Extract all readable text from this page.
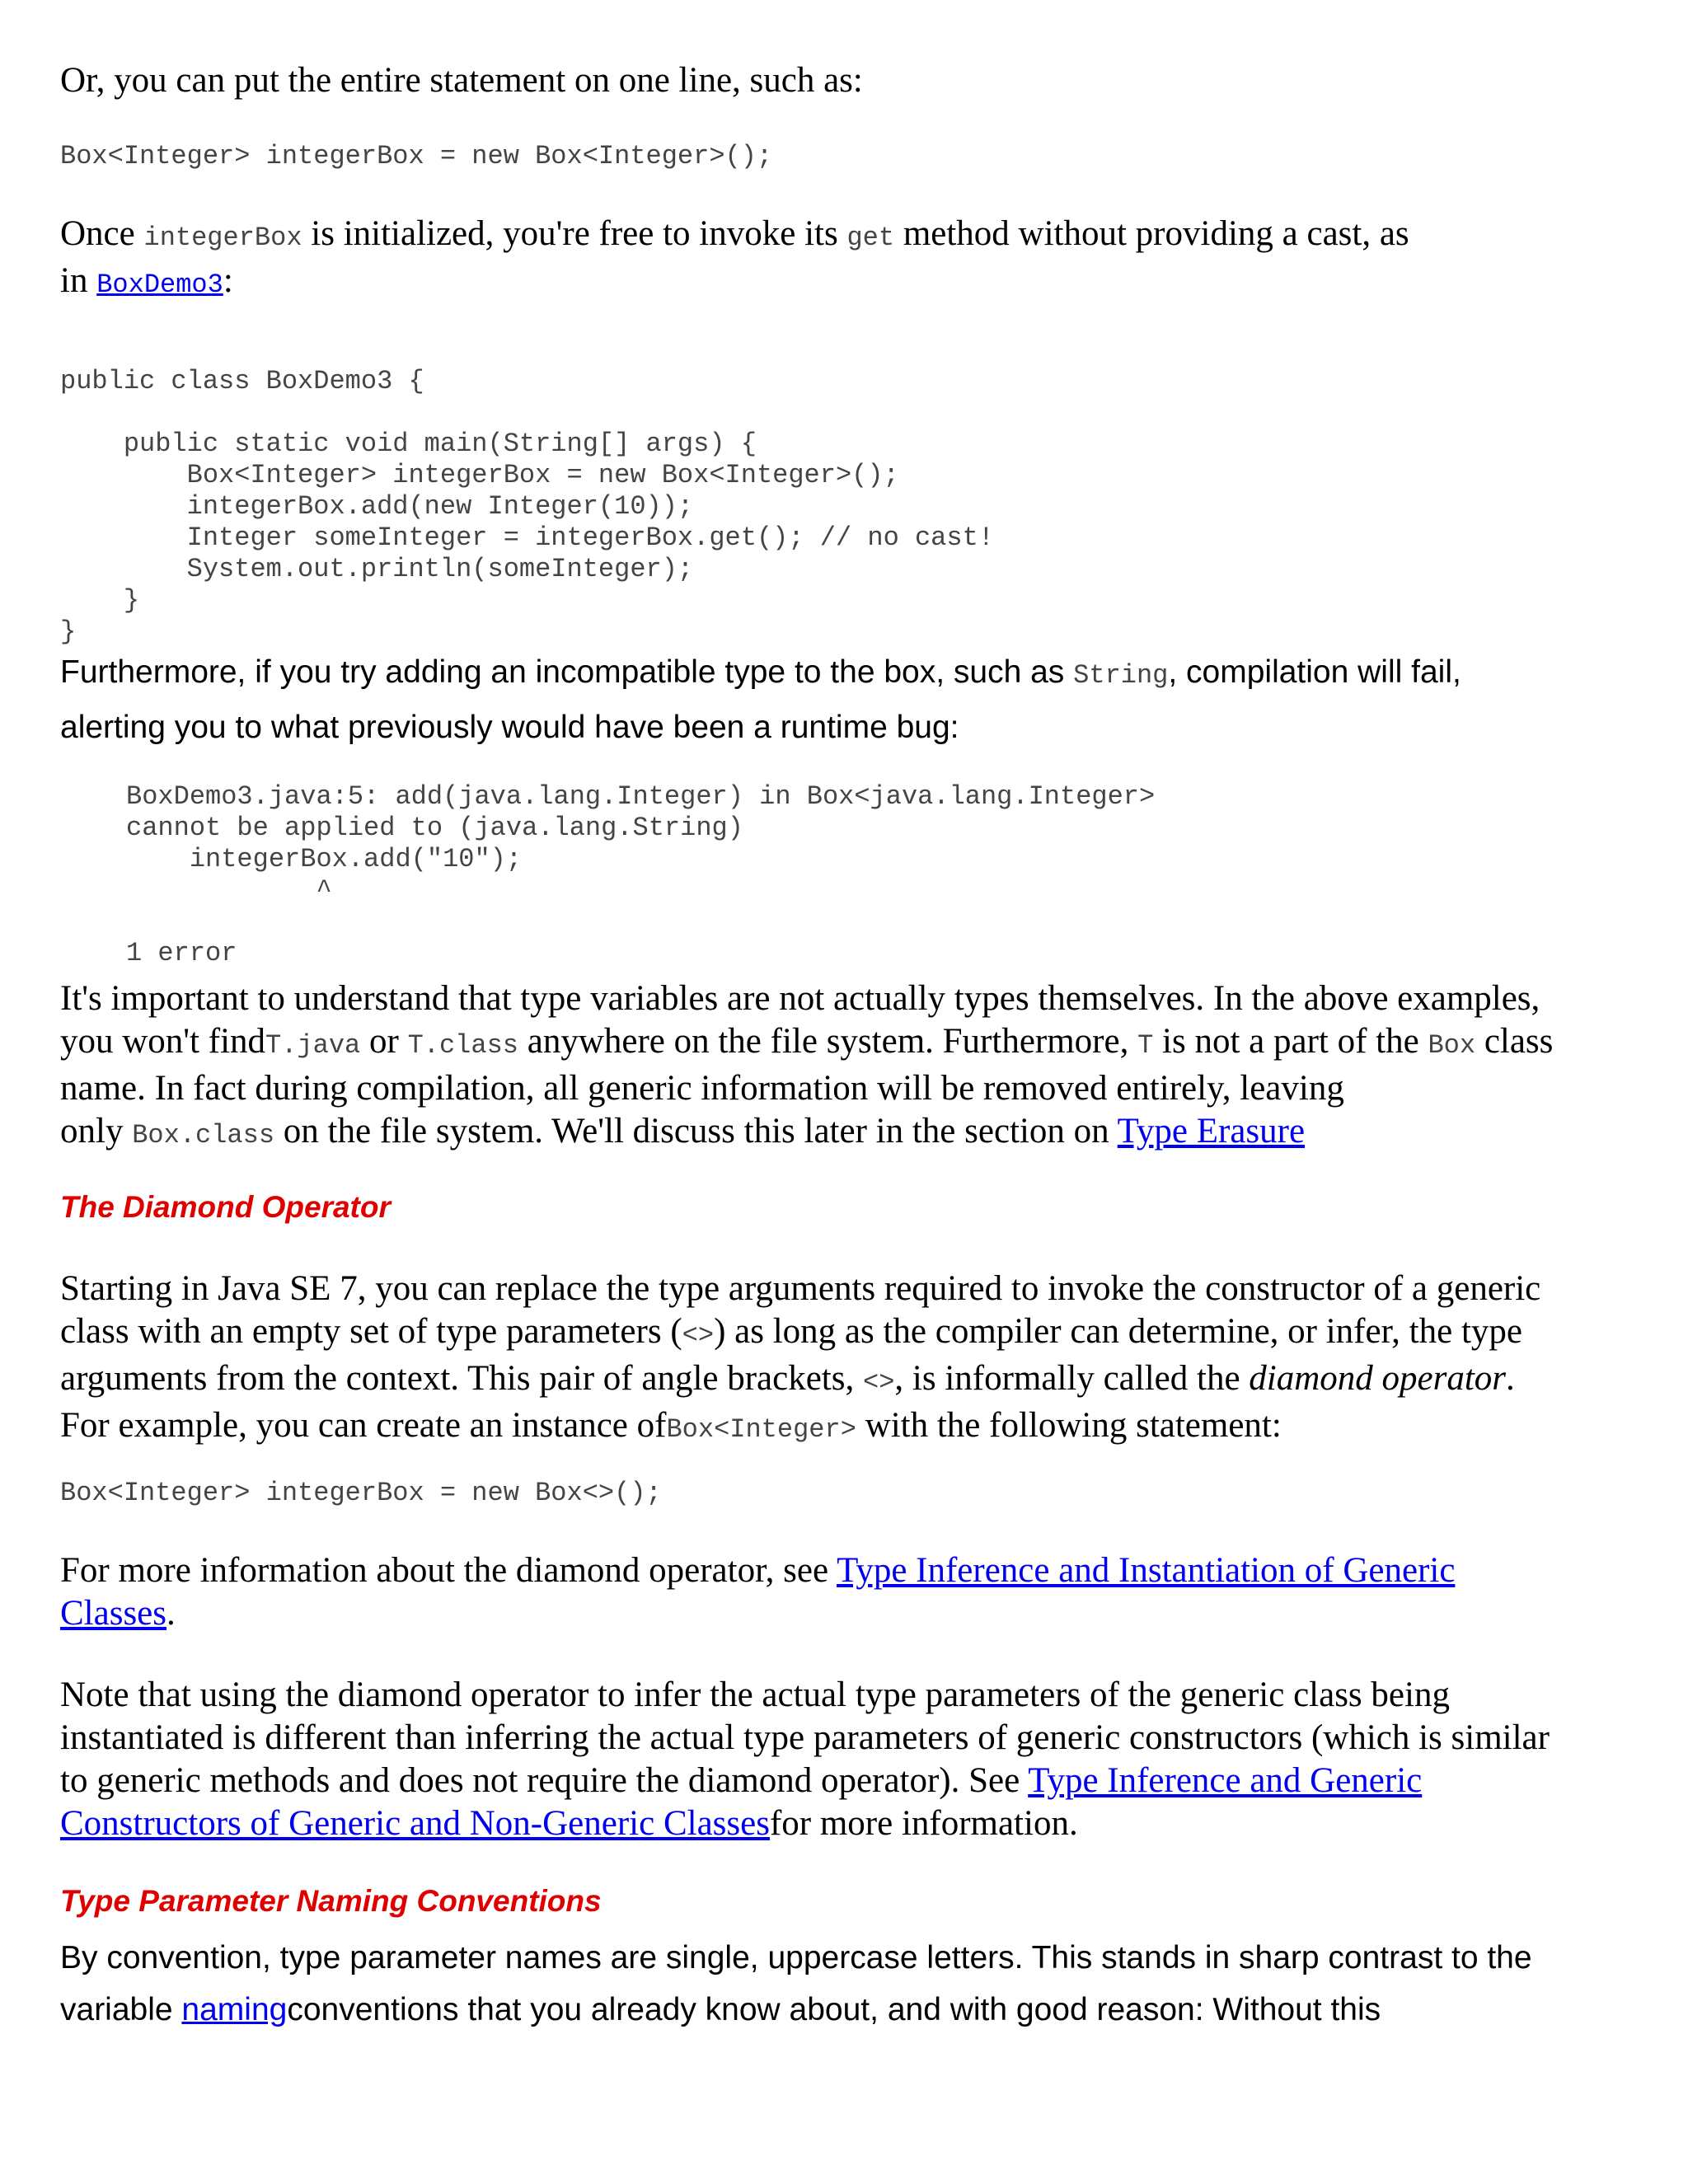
Or, you can put the entire statement on one line, such as:

Box<Integer> integerBox = new Box<Integer>();

Once integerBox is initialized, you're free to invoke its get method without providing a cast, as
in BoxDemo3:

public class BoxDemo3 {
public static void main(String[] args) {
Box<Integer> integerBox = new Box<Integer>();
integerBox.add(new Integer(10));
Integer someInteger = integerBox.get(); // no cast!
System.out.println(someInteger);
}
}

Furthermore, if you try adding an incompatible type to the box, such as String, compilation will fail,
alerting you to what previously would have been a runtime bug:

BoxDemo3.java:5: add(java.lang.Integer) in Box<java.lang.Integer>
cannot be applied to (java.lang.String)
integerBox.add("10");
^
1 error

It's important to understand that type variables are not actually types themselves. In the above examples,
you won't findT.java or T.class anywhere on the file system. Furthermore, T is not a part of the Box class
name. In fact during compilation, all generic information will be removed entirely, leaving
only Box.class on the file system. We'll discuss this later in the section on Type Erasure

The Diamond Operator

Starting in Java SE 7, you can replace the type arguments required to invoke the constructor of a generic
class with an empty set of type parameters (<>) as long as the compiler can determine, or infer, the type
arguments from the context. This pair of angle brackets, <>, is informally called the diamond operator.
For example, you can create an instance ofBox<Integer> with the following statement:

Box<Integer> integerBox = new Box<>();

For more information about the diamond operator, see Type Inference and Instantiation of Generic
Classes.

Note that using the diamond operator to infer the actual type parameters of the generic class being
instantiated is different than inferring the actual type parameters of generic constructors (which is similar
to generic methods and does not require the diamond operator). See Type Inference and Generic
Constructors of Generic and Non-Generic Classesfor more information.

Type Parameter Naming Conventions

By convention, type parameter names are single, uppercase letters. This stands in sharp contrast to the
variable namingconventions that you already know about, and with good reason: Without this
